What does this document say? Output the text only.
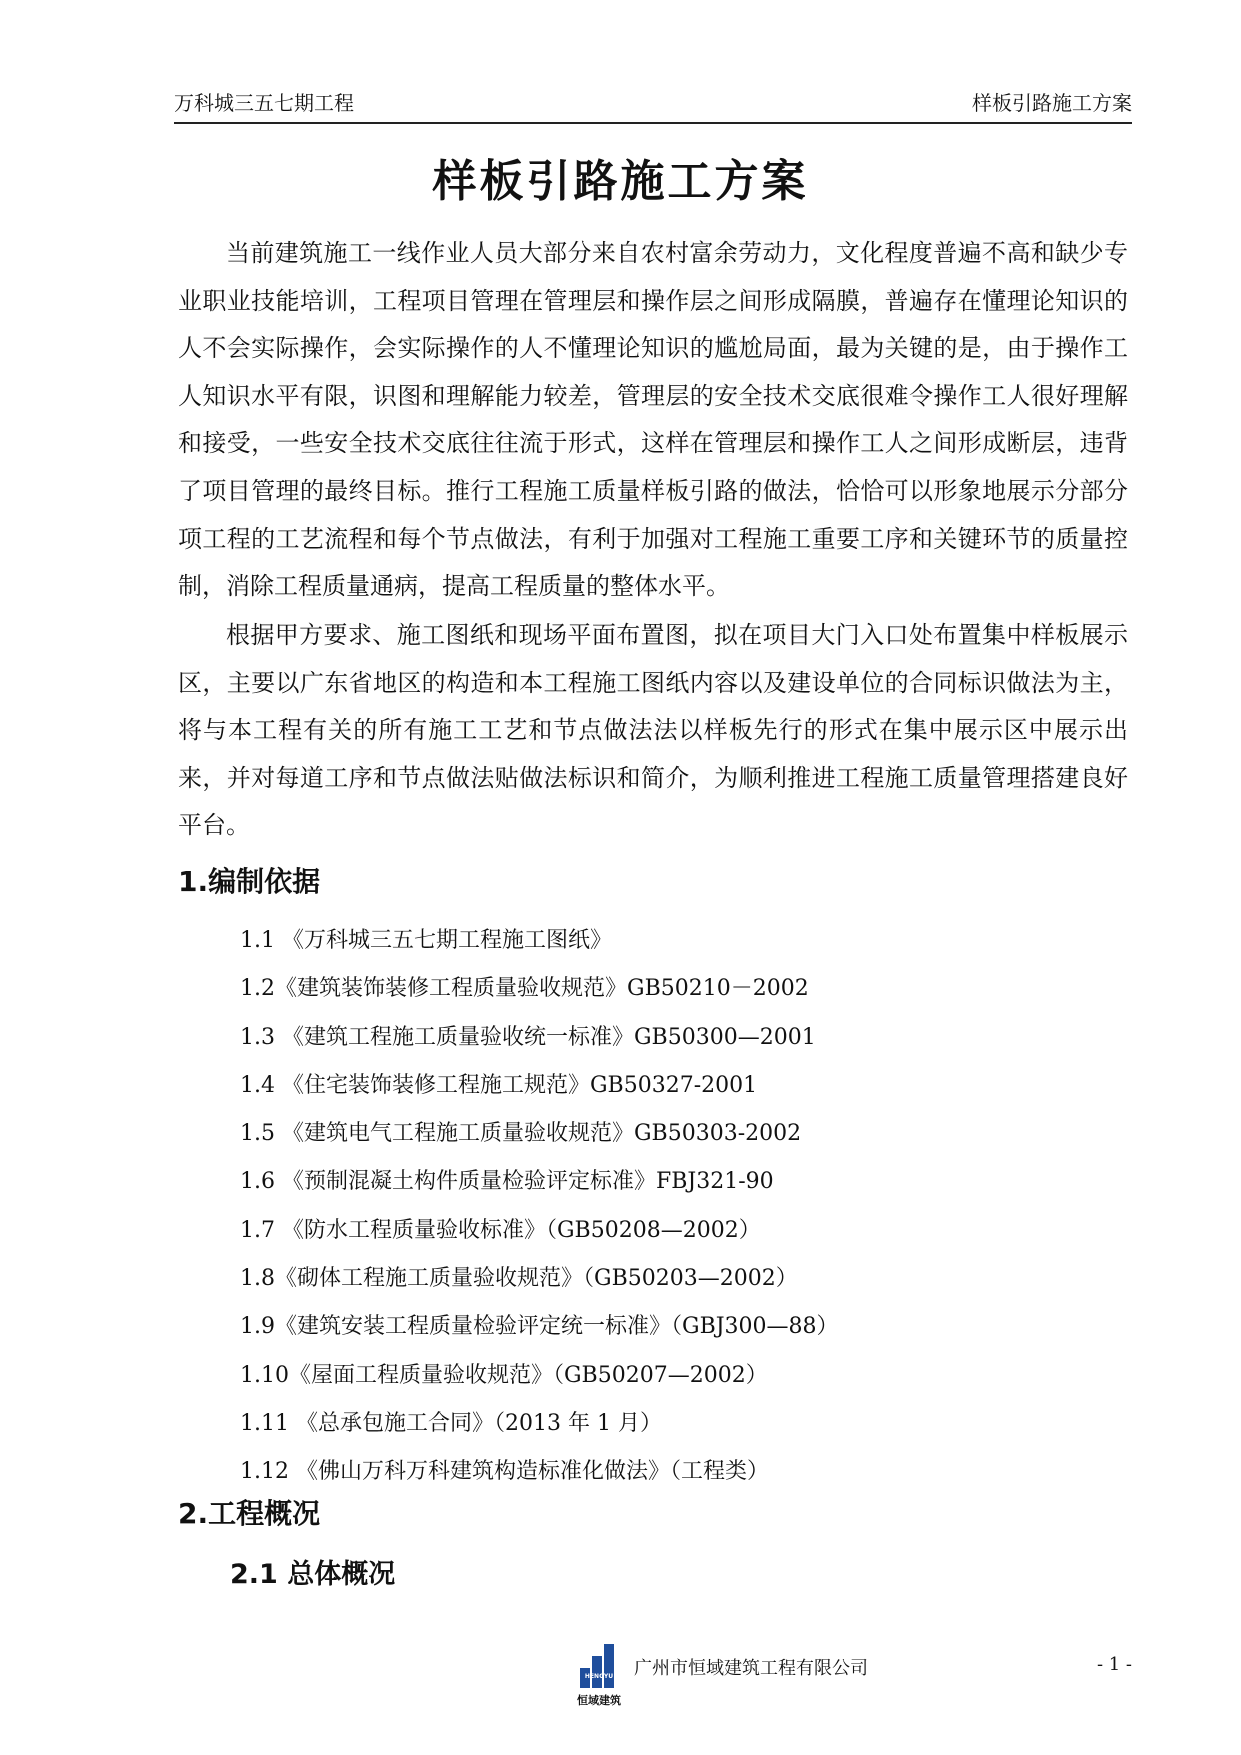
万科城三五七期工程	样板引路施工方案
样板引路施工方案

当前建筑施工一线作业人员大部分来自农村富余劳动力，文化程度普遍不高和缺少专业职业技能培训，工程项目管理在管理层和操作层之间形成隔膜，普遍存在懂理论知识的人不会实际操作，会实际操作的人不懂理论知识的尴尬局面，最为关键的是，由于操作工人知识水平有限，识图和理解能力较差，管理层的安全技术交底很难令操作工人很好理解和接受，一些安全技术交底往往流于形式，这样在管理层和操作工人之间形成断层，违背了项目管理的最终目标。推行工程施工质量样板引路的做法，恰恰可以形象地展示分部分项工程的工艺流程和每个节点做法，有利于加强对工程施工重要工序和关键环节的质量控制，消除工程质量通病，提高工程质量的整体水平。

根据甲方要求、施工图纸和现场平面布置图，拟在项目大门入口处布置集中样板展示区，主要以广东省地区的构造和本工程施工图纸内容以及建设单位的合同标识做法为主，将与本工程有关的所有施工工艺和节点做法法以样板先行的形式在集中展示区中展示出来，并对每道工序和节点做法贴做法标识和简介，为顺利推进工程施工质量管理搭建良好平台。

1.编制依据
1.1 《万科城三五七期工程施工图纸》
1.2《建筑装饰装修工程质量验收规范》GB50210－2002
1.3 《建筑工程施工质量验收统一标准》GB50300—2001
1.4 《住宅装饰装修工程施工规范》GB50327-2001
1.5 《建筑电气工程施工质量验收规范》GB50303-2002
1.6 《预制混凝土构件质量检验评定标准》FBJ321-90
1.7 《防水工程质量验收标准》（GB50208—2002）
1.8《砌体工程施工质量验收规范》（GB50203—2002）
1.9《建筑安装工程质量检验评定统一标准》（GBJ300—88）
1.10《屋面工程质量验收规范》（GB50207—2002）
1.11 《总承包施工合同》（2013 年 1 月）
1.12 《佛山万科万科建筑构造标准化做法》（工程类）
2.工程概况
2.1 总体概况
HENGYU
恒域建筑
广州市恒域建筑工程有限公司	- 1 -
